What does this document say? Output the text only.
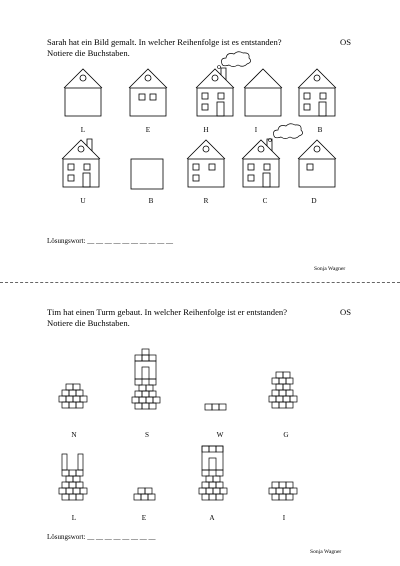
Sarah hat ein Bild gemalt. In welcher Reihenfolge ist es entstanden?	OS
Notiere die Buchstaben.
L	E	H	I	B
U	B	R	C	D
Lösungswort: __ __ __ __ __ __ __ __ __ __
Sonja Wagner
Tim hat einen Turm gebaut. In welcher Reihenfolge ist er entstanden?	OS
Notiere die Buchstaben.
N	S	W	G
L	E	A	I
Lösungswort: __ __ __ __ __ __ __ __
Sonja Wagner
